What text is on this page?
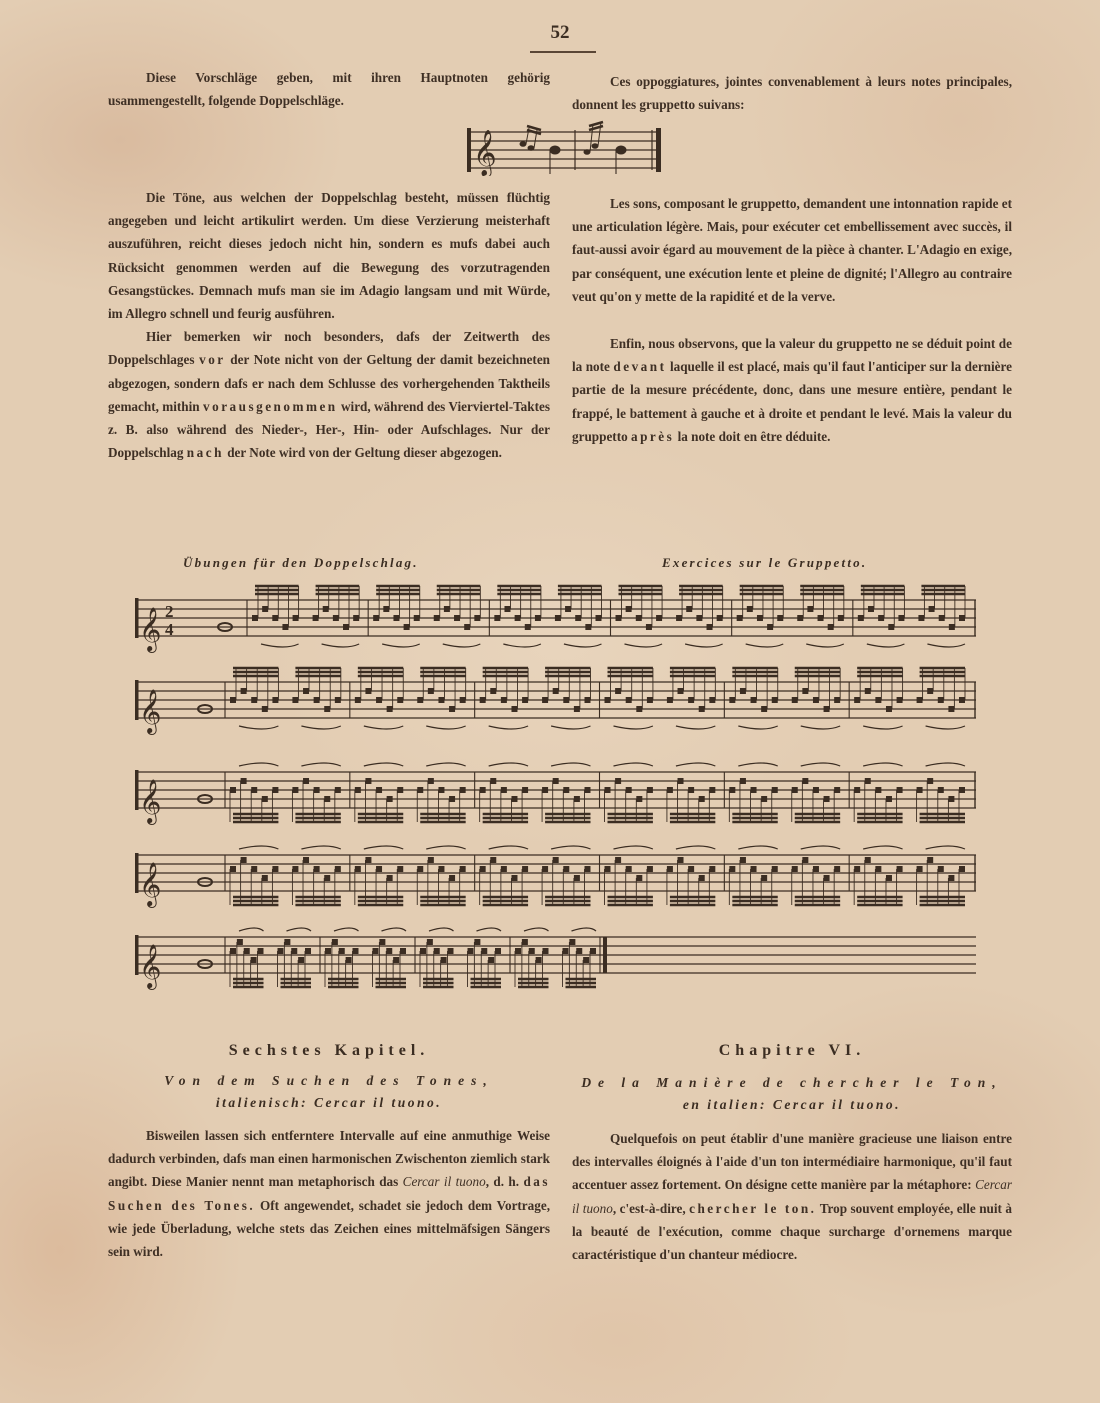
52

Diese Vorschläge geben, mit ihren Hauptnoten gehörig usammengestellt, folgende Doppelschläge.

Ces oppoggiatures, jointes convenablement à leurs notes principales, donnent les gruppetto suivans:

𝄞

Die Töne, aus welchen der Doppelschlag besteht, müssen flüchtig angegeben und leicht artikulirt werden. Um diese Verzierung meisterhaft auszuführen, reicht dieses jedoch nicht hin, sondern es mufs dabei auch Rücksicht genommen werden auf die Bewegung des vorzutragenden Gesangstückes. Demnach mufs man sie im Adagio langsam und mit Würde, im Allegro schnell und feurig ausführen.

Hier bemerken wir noch besonders, dafs der Zeitwerth des Doppelschlages vor der Note nicht von der Geltung der damit bezeichneten abgezogen, sondern dafs er nach dem Schlusse des vorhergehenden Taktheils gemacht, mithin vorausgenommen wird, während des Vierviertel-Taktes z. B. also während des Nieder-, Her-, Hin- oder Aufschlages. Nur der Doppelschlag nach der Note wird von der Geltung dieser abgezogen.

Les sons, composant le gruppetto, demandent une intonnation rapide et une articulation légère. Mais, pour exécuter cet embellissement avec succès, il faut-aussi avoir égard au mouvement de la pièce à chanter. L'Adagio en exige, par conséquent, une exécution lente et pleine de dignité; l'Allegro au contraire veut qu'on y mette de la rapidité et de la verve.

Enfin, nous observons, que la valeur du gruppetto ne se déduit point de la note devant laquelle il est placé, mais qu'il faut l'anticiper sur la dernière partie de la mesure précédente, donc, dans une mesure entière, pendant le frappé, le battement à gauche et à droite et pendant le levé. Mais la valeur du gruppetto après la note doit en être déduite.

Übungen für den Doppelschlag.	Exercices sur le Gruppetto.
𝄞 2
4
𝄞
𝄞
𝄞
𝄞
Sechstes Kapitel.	Chapitre VI.
Von dem Suchen des Tones,
italienisch: Cercar il tuono.
De la Manière de chercher le Ton,
en italien: Cercar il tuono.

Bisweilen lassen sich entferntere Intervalle auf eine anmuthige Weise dadurch verbinden, dafs man einen harmonischen Zwischenton ziemlich stark angibt. Diese Manier nennt man metaphorisch das Cercar il tuono, d. h. das Suchen des Tones. Oft angewendet, schadet sie jedoch dem Vortrage, wie jede Überladung, welche stets das Zeichen eines mittelmäfsigen Sängers sein wird.

Quelquefois on peut établir d'une manière gracieuse une liaison entre des intervalles éloignés à l'aide d'un ton intermédiaire harmonique, qu'il faut accentuer assez fortement. On désigne cette manière par la métaphore: Cercar il tuono, c'est-à-dire, chercher le ton. Trop souvent employée, elle nuit à la beauté de l'exécution, comme chaque surcharge d'ornemens marque caractéristique d'un chanteur médiocre.
